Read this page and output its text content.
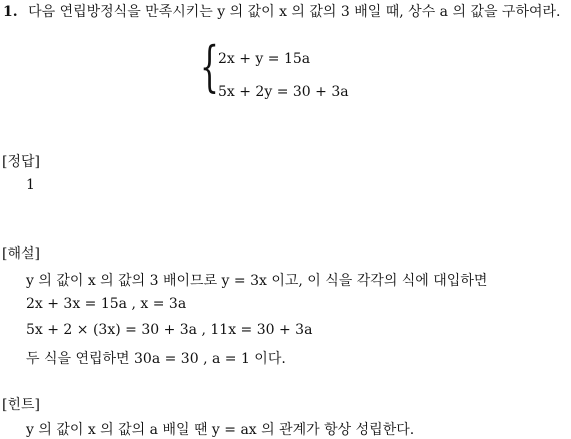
1. 다음 연립방정식을 만족시키는 y 의 값이 x 의 값의 3 배일 때, 상수 a 의 값을 구하여라.
{ 2x + y = 15a
5x + 2y = 30 + 3a
[정답]
1
[해설]
y 의 값이 x 의 값의 3 배이므로 y = 3x 이고, 이 식을 각각의 식에 대입하면
2x + 3x = 15a , x = 3a
5x + 2 × (3x) = 30 + 3a , 11x = 30 + 3a
두 식을 연립하면 30a = 30 , a = 1 이다.
[힌트]
y 의 값이 x 의 값의 a 배일 땐 y = ax 의 관계가 항상 성립한다.
